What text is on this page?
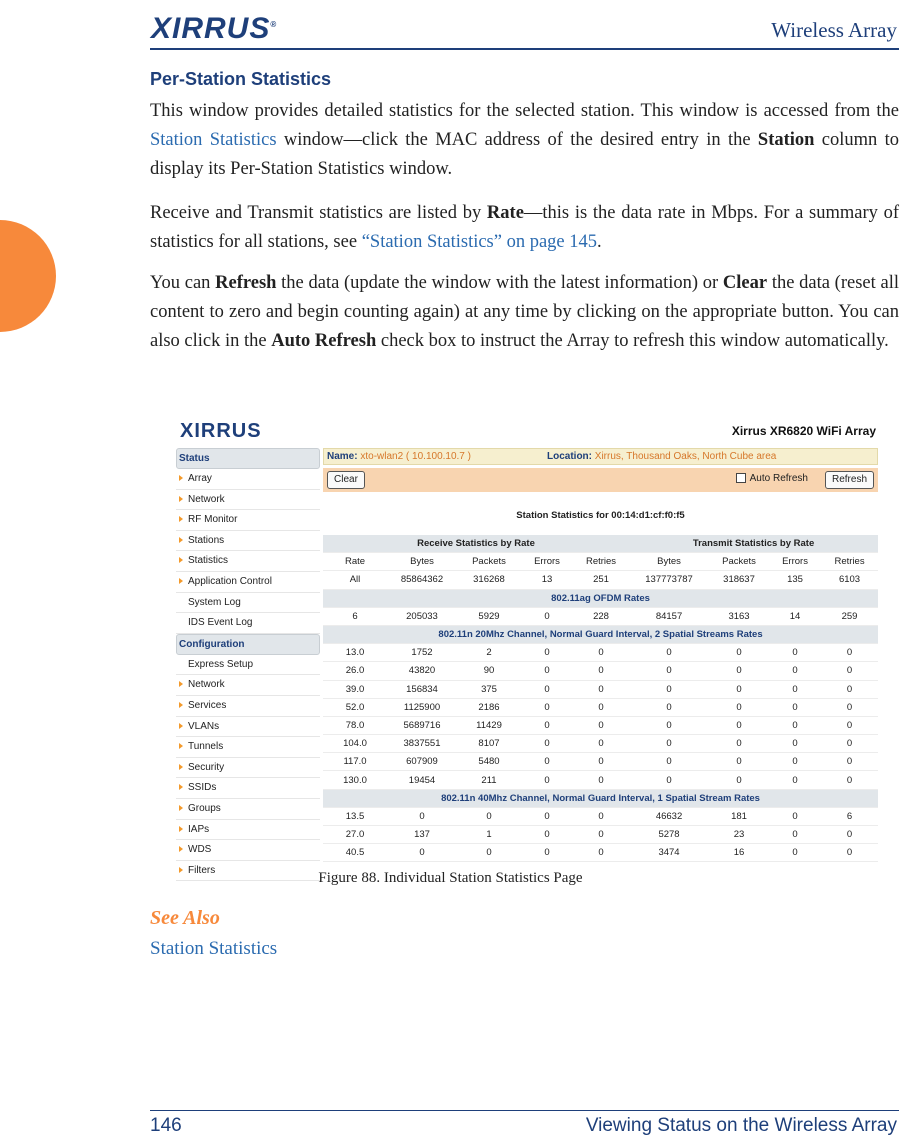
XIRRUS®	Wireless Array
Per-Station Statistics
This window provides detailed statistics for the selected station. This window is accessed from the Station Statistics window—click the MAC address of the desired entry in the Station column to display its Per-Station Statistics window.
Receive and Transmit statistics are listed by Rate—this is the data rate in Mbps. For a summary of statistics for all stations, see “Station Statistics” on page 145.
You can Refresh the data (update the window with the latest information) or Clear the data (reset all content to zero and begin counting again) at any time by clicking on the appropriate button. You can also click in the Auto Refresh check box to instruct the Array to refresh this window automatically.
XIRRUS	Xirrus XR6820 WiFi Array
Status
Array
Network
RF Monitor
Stations
Statistics
Application Control
System Log
IDS Event Log
Configuration
Express Setup
Network
Services
VLANs
Tunnels
Security
SSIDs
Groups
IAPs
WDS
Filters
Name: xto-wlan2 ( 10.100.10.7 )	Location: Xirrus, Thousand Oaks, North Cube area
Clear	Auto Refresh	Refresh
Station Statistics for 00:14:d1:cf:f0:f5
Receive Statistics by Rate					Transmit Statistics by Rate			
Rate	Bytes	Packets	Errors	Retries	Bytes	Packets	Errors	Retries
All	85864362	316268	13	251	137773787	318637	135	6103
802.11ag OFDM Rates								
6	205033	5929	0	228	84157	3163	14	259
802.11n 20Mhz Channel, Normal Guard Interval, 2 Spatial Streams Rates								
13.0	1752	2	0	0	0	0	0	0
26.0	43820	90	0	0	0	0	0	0
39.0	156834	375	0	0	0	0	0	0
52.0	1125900	2186	0	0	0	0	0	0
78.0	5689716	11429	0	0	0	0	0	0
104.0	3837551	8107	0	0	0	0	0	0
117.0	607909	5480	0	0	0	0	0	0
130.0	19454	211	0	0	0	0	0	0
802.11n 40Mhz Channel, Normal Guard Interval, 1 Spatial Stream Rates								
13.5	0	0	0	0	46632	181	0	6
27.0	137	1	0	0	5278	23	0	0
40.5	0	0	0	0	3474	16	0	0
Figure 88. Individual Station Statistics Page
See Also
Station Statistics
146	Viewing Status on the Wireless Array
